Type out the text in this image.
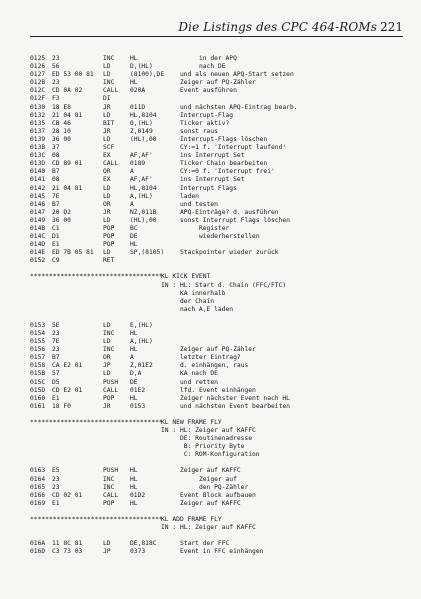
Die Listings des CPC 464-ROMs 221
0125 23	INC HL	in der APQ
0126 56	LD	D,(HL)	nach DE
0127 ED 53 00 81 LD	(8100),DE	und als neuen APQ-Start setzen
012B 23	INC HL	Zeiger auf PQ-Zähler
012C CD 0A 02	CALL 020A	Event ausführen
012F F3	DI
0130 18 E8	JR	011D	und nächsten APQ-Eintrag bearb.
0132 21 04 81	LD	HL,8104	Interrupt-Flag
0135 CB 46	BIT 0,(HL)	Ticker aktiv?
0137 28 10	JR	Z,0149	sonst raus
0139 36 00	LD	(HL),00	Interrupt-Flags löschen
013B 37	SCF	CY:=1 f. 'Interrupt laufend'
013C 08	EX	AF,AF'	ins Interrupt Set
013D CD 89 01	CALL 0189	Ticker Chain bearbeiten
0140 B7	OR	A	CY:=0 f. 'Interrupt frei'
0141 08	EX	AF,AF'	ins Interrupt Set
0142 21 04 81	LD	HL,8104	Interrupt Flags
0145 7E	LD	A,(HL)	laden
0146 B7	OR	A	und testen
0147 20 D2	JR	NZ,011B	APQ-Einträge? d. ausführen
0149 36 00	LD	(HL),00	sonst Interrupt Flags löschen
014B C1	POP BC	Register
014C D1	POP DE	wiederherstellen
014D E1	POP HL
014E ED 7B 05 81 LD	SP,(8105)	Stackpointer wieder zurück
0152 C9	RET
***********************************
KL KICK EVENT
IN : HL: Start d. Chain (FFC/FTC)
KA innerhalb
der Chain
nach A,E laden
0153 5E	LD	E,(HL)
0154 23	INC HL
0155 7E	LD	A,(HL)
0156 23	INC HL	Zeiger auf PQ-Zähler
0157 B7	OR	A	letzter Eintrag?
0158 CA E2 01	JP	Z,01E2	d. einhängen, raus
015B 57	LD	D,A	KA nach DE
015C D5	PUSH DE	und retten
015D CD E2 01	CALL 01E2	lfd. Event einhängen
0160 E1	POP HL	Zeiger nächster Event nach HL
0161 18 F0	JR	0153	und nächsten Event bearbeiten
***********************************
KL NEW FRAME FLY
IN : HL: Zeiger auf KAFFC
DE: Routinenadresse
B: Priority Byte
C: ROM-Konfiguration
0163 E5	PUSH HL	Zeiger auf KAFFC
0164 23	INC HL	Zeiger auf
0165 23	INC HL	den PQ-Zähler
0166 CD 02 01	CALL 01D2	Event Block aufbauen
0169 E1	POP HL	Zeiger auf KAFFC
***********************************
KL ADD FRAME FLY
IN : HL: Zeiger auf KAFFC
016A 11 8C 81	LD	DE,818C	Start der FFC
016D C3 73 03	JP	0373	Event in FFC einhängen
